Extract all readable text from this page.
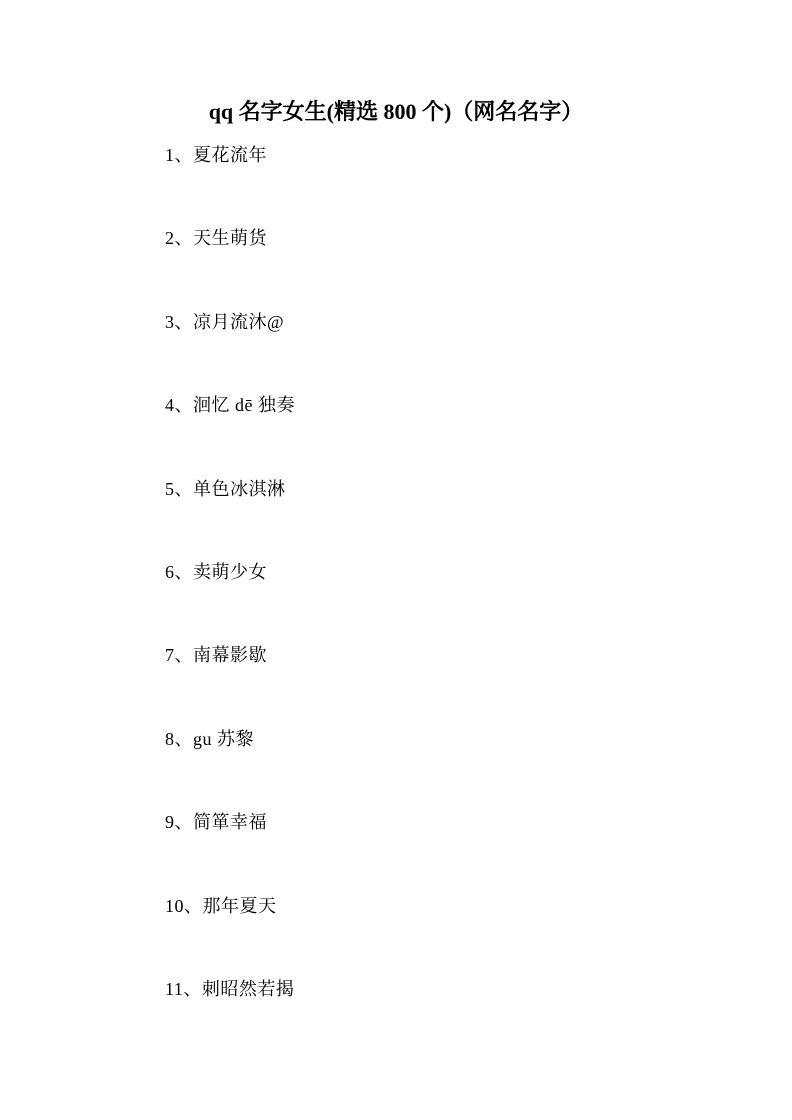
qq 名字女生(精选 800 个)（网名名字）
1、夏花流年
2、天生萌货
3、凉月流沐@
4、洄忆 dē 独奏
5、单色冰淇淋
6、卖萌少女
7、南幕影歇
8、gu 苏黎
9、简箪幸福
10、那年夏天
11、刺昭然若揭
